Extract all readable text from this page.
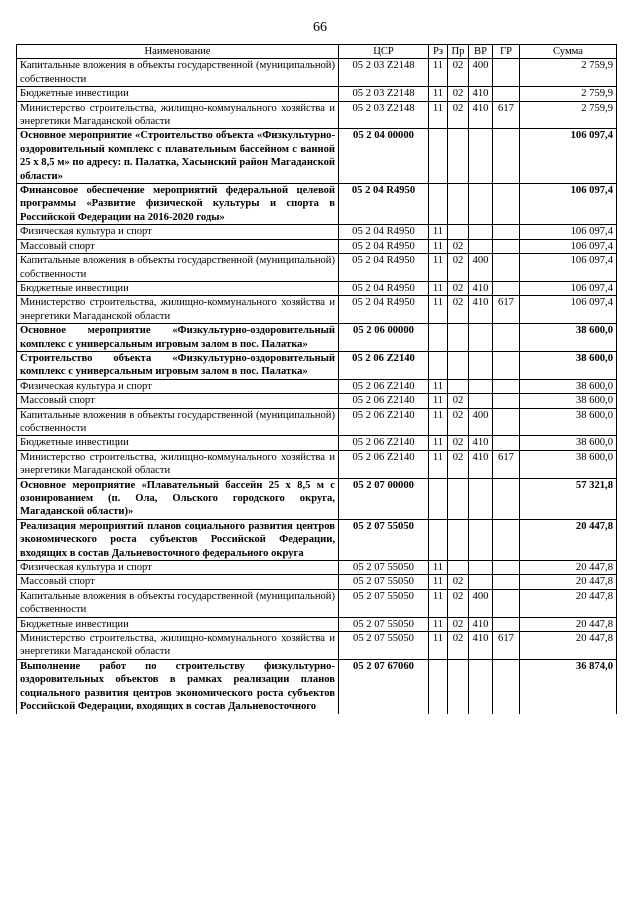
66
Наименование	ЦСР	Рз	Пр	ВР	ГР	Сумма
Капитальные вложения в объекты государственной (муниципальной) собственности	05 2 03 Z2148	11	02	400		2 759,9
Бюджетные инвестиции	05 2 03 Z2148	11	02	410		2 759,9
Министерство строительства, жилищно-коммунального хозяйства и энергетики Магаданской области	05 2 03 Z2148	11	02	410	617	2 759,9
Основное мероприятие «Строительство объекта «Физкультурно-оздоровительный комплекс с плавательным бассейном с ванной 25 х 8,5 м» по адресу: п. Палатка, Хасынский район Магаданской области»	05 2 04 00000					106 097,4
Финансовое обеспечение мероприятий федеральной целевой программы «Развитие физической культуры и спорта в Российской Федерации на 2016-2020 годы»	05 2 04 R4950					106 097,4
Физическая культура и спорт	05 2 04 R4950	11				106 097,4
Массовый спорт	05 2 04 R4950	11	02			106 097,4
Капитальные вложения в объекты государственной (муниципальной) собственности	05 2 04 R4950	11	02	400		106 097,4
Бюджетные инвестиции	05 2 04 R4950	11	02	410		106 097,4
Министерство строительства, жилищно-коммунального хозяйства и энергетики Магаданской области	05 2 04 R4950	11	02	410	617	106 097,4
Основное мероприятие «Физкультурно-оздоровительный комплекс с универсальным игровым залом в пос. Палатка»	05 2 06 00000					38 600,0
Строительство объекта «Физкультурно-оздоровительный комплекс с универсальным игровым залом в пос. Палатка»	05 2 06 Z2140					38 600,0
Физическая культура и спорт	05 2 06 Z2140	11				38 600,0
Массовый спорт	05 2 06 Z2140	11	02			38 600,0
Капитальные вложения в объекты государственной (муниципальной) собственности	05 2 06 Z2140	11	02	400		38 600,0
Бюджетные инвестиции	05 2 06 Z2140	11	02	410		38 600,0
Министерство строительства, жилищно-коммунального хозяйства и энергетики Магаданской области	05 2 06 Z2140	11	02	410	617	38 600,0
Основное мероприятие «Плавательный бассейн 25 х 8,5 м с озонированием (п. Ола, Ольского городского округа, Магаданской области)»	05 2 07 00000					57 321,8
Реализация мероприятий планов социального развития центров экономического роста субъектов Российской Федерации, входящих в состав Дальневосточного федерального округа	05 2 07 55050					20 447,8
Физическая культура и спорт	05 2 07 55050	11				20 447,8
Массовый спорт	05 2 07 55050	11	02			20 447,8
Капитальные вложения в объекты государственной (муниципальной) собственности	05 2 07 55050	11	02	400		20 447,8
Бюджетные инвестиции	05 2 07 55050	11	02	410		20 447,8
Министерство строительства, жилищно-коммунального хозяйства и энергетики Магаданской области	05 2 07 55050	11	02	410	617	20 447,8
Выполнение работ по строительству физкультурно-оздоровительных объектов в рамках реализации планов социального развития центров экономического роста субъектов Российской Федерации, входящих в состав Дальневосточного	05 2 07 67060					36 874,0
